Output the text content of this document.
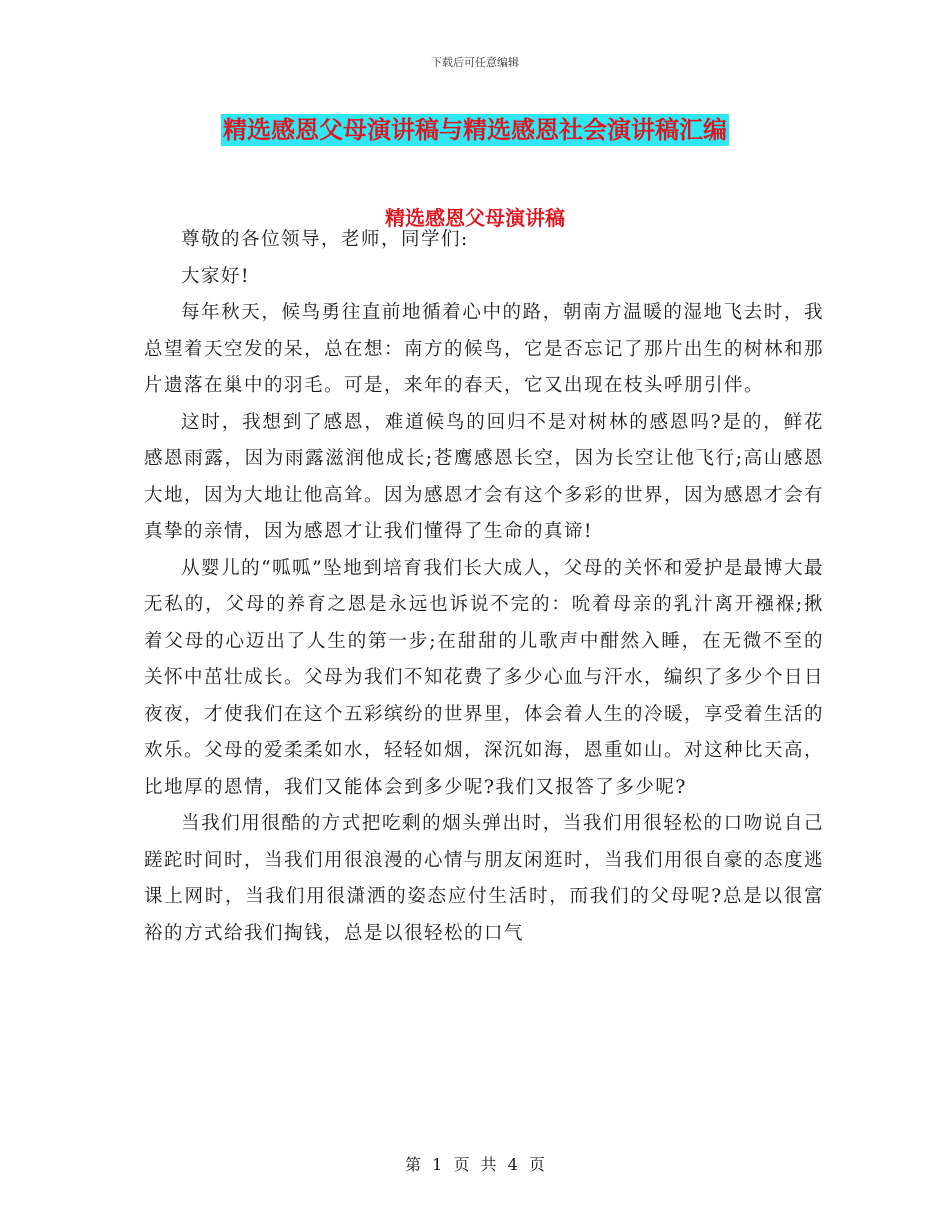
下载后可任意编辑
精选感恩父母演讲稿与精选感恩社会演讲稿汇编
精选感恩父母演讲稿

尊敬的各位领导，老师，同学们:

大家好!

每年秋天，候鸟勇往直前地循着心中的路，朝南方温暖的湿地飞去时，我总望着天空发的呆，总在想：南方的候鸟，它是否忘记了那片出生的树林和那片遗落在巢中的羽毛。可是，来年的春天，它又出现在枝头呼朋引伴。

这时，我想到了感恩，难道候鸟的回归不是对树林的感恩吗?是的，鲜花感恩雨露，因为雨露滋润他成长;苍鹰感恩长空，因为长空让他飞行;高山感恩大地，因为大地让他高耸。因为感恩才会有这个多彩的世界，因为感恩才会有真挚的亲情，因为感恩才让我们懂得了生命的真谛!

从婴儿的“呱呱”坠地到培育我们长大成人，父母的关怀和爱护是最博大最无私的，父母的养育之恩是永远也诉说不完的：吮着母亲的乳汁离开襁褓;揪着父母的心迈出了人生的第一步;在甜甜的儿歌声中酣然入睡，在无微不至的关怀中茁壮成长。父母为我们不知花费了多少心血与汗水，编织了多少个日日夜夜，才使我们在这个五彩缤纷的世界里，体会着人生的冷暖，享受着生活的欢乐。父母的爱柔柔如水，轻轻如烟，深沉如海，恩重如山。对这种比天高，比地厚的恩情，我们又能体会到多少呢?我们又报答了多少呢?

当我们用很酷的方式把吃剩的烟头弹出时，当我们用很轻松的口吻说自己蹉跎时间时，当我们用很浪漫的心情与朋友闲逛时，当我们用很自豪的态度逃课上网时，当我们用很潇洒的姿态应付生活时，而我们的父母呢?总是以很富裕的方式给我们掏钱，总是以很轻松的口气

第 1 页 共 4 页
